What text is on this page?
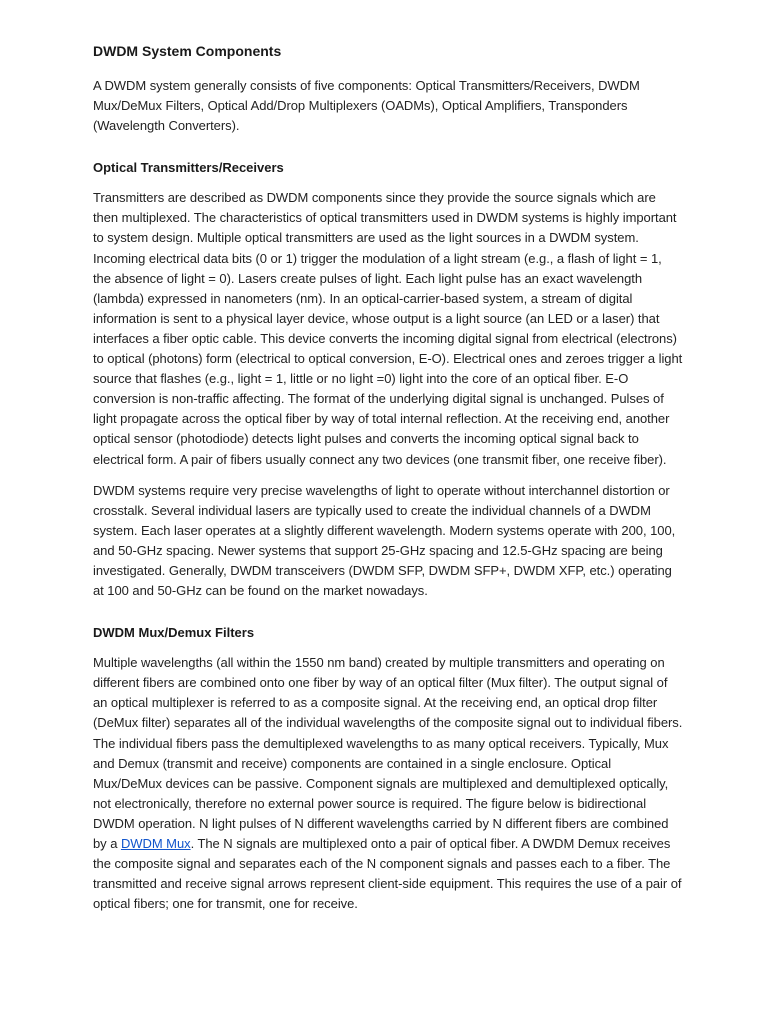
DWDM System Components

A DWDM system generally consists of five components: Optical Transmitters/Receivers, DWDM Mux/DeMux Filters, Optical Add/Drop Multiplexers (OADMs), Optical Amplifiers, Transponders (Wavelength Converters).

Optical Transmitters/Receivers

Transmitters are described as DWDM components since they provide the source signals which are then multiplexed. The characteristics of optical transmitters used in DWDM systems is highly important to system design. Multiple optical transmitters are used as the light sources in a DWDM system. Incoming electrical data bits (0 or 1) trigger the modulation of a light stream (e.g., a flash of light = 1, the absence of light = 0). Lasers create pulses of light. Each light pulse has an exact wavelength (lambda) expressed in nanometers (nm). In an optical-carrier-based system, a stream of digital information is sent to a physical layer device, whose output is a light source (an LED or a laser) that interfaces a fiber optic cable. This device converts the incoming digital signal from electrical (electrons) to optical (photons) form (electrical to optical conversion, E-O). Electrical ones and zeroes trigger a light source that flashes (e.g., light = 1, little or no light =0) light into the core of an optical fiber. E-O conversion is non-traffic affecting. The format of the underlying digital signal is unchanged. Pulses of light propagate across the optical fiber by way of total internal reflection. At the receiving end, another optical sensor (photodiode) detects light pulses and converts the incoming optical signal back to electrical form. A pair of fibers usually connect any two devices (one transmit fiber, one receive fiber).

DWDM systems require very precise wavelengths of light to operate without interchannel distortion or crosstalk. Several individual lasers are typically used to create the individual channels of a DWDM system. Each laser operates at a slightly different wavelength. Modern systems operate with 200, 100, and 50-GHz spacing. Newer systems that support 25-GHz spacing and 12.5-GHz spacing are being investigated. Generally, DWDM transceivers (DWDM SFP, DWDM SFP+, DWDM XFP, etc.) operating at 100 and 50-GHz can be found on the market nowadays.

DWDM Mux/Demux Filters

Multiple wavelengths (all within the 1550 nm band) created by multiple transmitters and operating on different fibers are combined onto one fiber by way of an optical filter (Mux filter). The output signal of an optical multiplexer is referred to as a composite signal. At the receiving end, an optical drop filter (DeMux filter) separates all of the individual wavelengths of the composite signal out to individual fibers. The individual fibers pass the demultiplexed wavelengths to as many optical receivers. Typically, Mux and Demux (transmit and receive) components are contained in a single enclosure. Optical Mux/DeMux devices can be passive. Component signals are multiplexed and demultiplexed optically, not electronically, therefore no external power source is required. The figure below is bidirectional DWDM operation. N light pulses of N different wavelengths carried by N different fibers are combined by a DWDM Mux. The N signals are multiplexed onto a pair of optical fiber. A DWDM Demux receives the composite signal and separates each of the N component signals and passes each to a fiber. The transmitted and receive signal arrows represent client-side equipment. This requires the use of a pair of optical fibers; one for transmit, one for receive.
